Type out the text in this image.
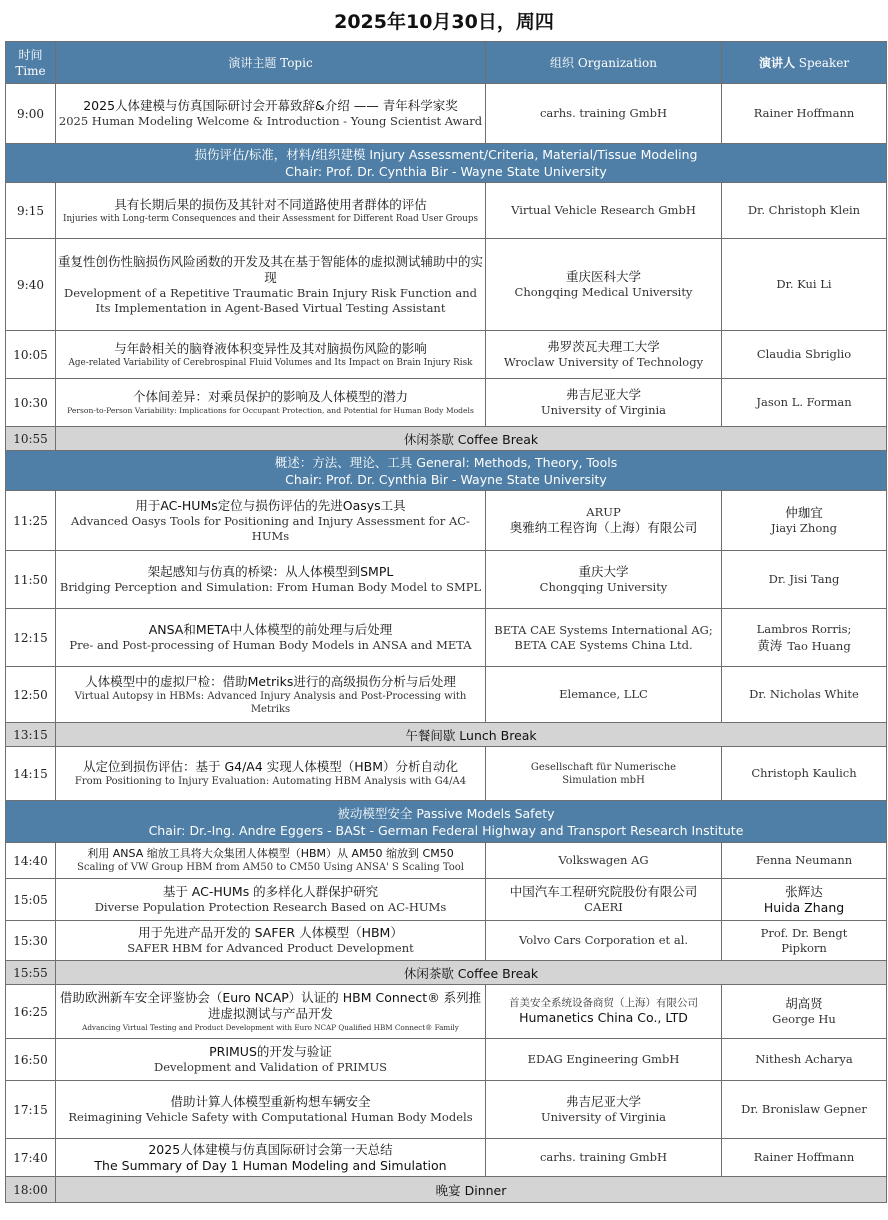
2025年10月30日，周四
时间 Time	演讲主题 Topic	组织 Organization	演讲人 Speaker
9:00	2025人体建模与仿真国际研讨会开幕致辞&介绍 —— 青年科学家奖
2025 Human Modeling Welcome & Introduction - Young Scientist Award	carhs. training GmbH	Rainer Hoffmann

损伤评估/标准，材料/组织建模 Injury Assessment/Criteria, Material/Tissue Modeling
Chair: Prof. Dr. Cynthia Bir - Wayne State University			

9:15	具有长期后果的损伤及其针对不同道路使用者群体的评估
Injuries with Long-term Consequences and their Assessment for Different Road User Groups	Virtual Vehicle Research GmbH	Dr. Christoph Klein
9:40	重复性创伤性脑损伤风险函数的开发及其在基于智能体的虚拟测试辅助中的实现
Development of a Repetitive Traumatic Brain Injury Risk Function and Its Implementation in Agent-Based Virtual Testing Assistant	重庆医科大学
Chongqing Medical University	Dr. Kui Li
10:05	与年龄相关的脑脊液体积变异性及其对脑损伤风险的影响
Age-related Variability of Cerebrospinal Fluid Volumes and Its Impact on Brain Injury Risk	弗罗茨瓦夫理工大学
Wroclaw University of Technology	Claudia Sbriglio
10:30	个体间差异：对乘员保护的影响及人体模型的潜力
Person-to-Person Variability: Implications for Occupant Protection, and Potential for Human Body Models	弗吉尼亚大学
University of Virginia	Jason L. Forman
10:55	休闲茶歇 Coffee Break		

概述：方法、理论、工具 General: Methods, Theory, Tools
Chair: Prof. Dr. Cynthia Bir - Wayne State University			

11:25	用于AC-HUMs定位与损伤评估的先进Oasys工具
Advanced Oasys Tools for Positioning and Injury Assessment for AC-HUMs	ARUP
奥雅纳工程咨询（上海）有限公司	仲珈宜
Jiayi Zhong

11:50	架起感知与仿真的桥梁：从人体模型到SMPL
Bridging Perception and Simulation: From Human Body Model to SMPL	重庆大学
Chongqing University	Dr. Jisi Tang
12:15	ANSA和META中人体模型的前处理与后处理
Pre- and Post-processing of Human Body Models in ANSA and META	BETA CAE Systems International AG;
BETA CAE Systems China Ltd.	Lambros Rorris;
黄涛 Tao Huang

12:50	人体模型中的虚拟尸检：借助Metriks进行的高级损伤分析与后处理
Virtual Autopsy in HBMs: Advanced Injury Analysis and Post-Processing with Metriks	Elemance, LLC	Dr. Nicholas White
13:15	午餐间歇 Lunch Break		
14:15	从定位到损伤评估：基于 G4/A4 实现人体模型（HBM）分析自动化
From Positioning to Injury Evaluation: Automating HBM Analysis with G4/A4	Gesellschaft für Numerische
Simulation mbH	Christoph Kaulich

被动模型安全 Passive Models Safety
Chair: Dr.-Ing. Andre Eggers - BASt - German Federal Highway and Transport Research Institute			

14:40	利用 ANSA 缩放工具将大众集团人体模型（HBM）从 AM50 缩放到 CM50
Scaling of VW Group HBM from AM50 to CM50 Using ANSA' S Scaling Tool	Volkswagen AG	Fenna Neumann
15:05	基于 AC-HUMs 的多样化人群保护研究
Diverse Population Protection Research Based on AC-HUMs	中国汽车工程研究院股份有限公司
CAERI	张辉达
Huida Zhang

15:30	用于先进产品开发的 SAFER 人体模型（HBM）
SAFER HBM for Advanced Product Development	Volvo Cars Corporation et al.	Prof. Dr. Bengt
Pipkorn

15:55	休闲茶歇 Coffee Break		
16:25	借助欧洲新车安全评鉴协会（Euro NCAP）认证的 HBM Connect® 系列推进虚拟测试与产品开发
Advancing Virtual Testing and Product Development with Euro NCAP Qualified HBM Connect® Family	首美安全系统设备商贸（上海）有限公司
Humanetics China Co., LTD	胡高贤
George Hu

16:50	PRIMUS的开发与验证
Development and Validation of PRIMUS	EDAG Engineering GmbH	Nithesh Acharya
17:15	借助计算人体模型重新构想车辆安全
Reimagining Vehicle Safety with Computational Human Body Models	弗吉尼亚大学
University of Virginia	Dr. Bronislaw Gepner
17:40	2025人体建模与仿真国际研讨会第一天总结
The Summary of Day 1 Human Modeling and Simulation	carhs. training GmbH	Rainer Hoffmann
18:00	晚宴 Dinner		
